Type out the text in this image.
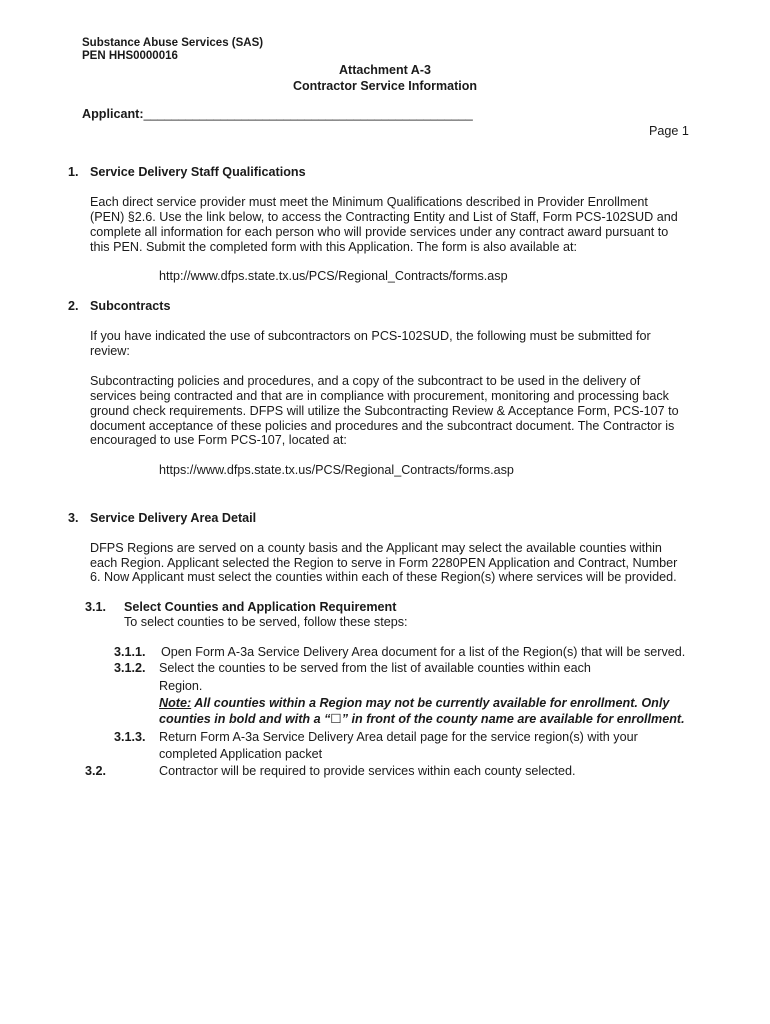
Substance Abuse Services (SAS)
PEN HHS0000016
Attachment A-3
Contractor Service Information
Applicant:_______________________________________________
Page 1
1. Service Delivery Staff Qualifications
Each direct service provider must meet the Minimum Qualifications described in Provider Enrollment
(PEN) §2.6. Use the link below, to access the Contracting Entity and List of Staff, Form PCS-102SUD and
complete all information for each person who will provide services under any contract award pursuant to
this PEN. Submit the completed form with this Application. The form is also available at:
http://www.dfps.state.tx.us/PCS/Regional_Contracts/forms.asp
2. Subcontracts
If you have indicated the use of subcontractors on PCS-102SUD, the following must be submitted for
review:
Subcontracting policies and procedures, and a copy of the subcontract to be used in the delivery of
services being contracted and that are in compliance with procurement, monitoring and processing back
ground check requirements. DFPS will utilize the Subcontracting Review & Acceptance Form, PCS-107 to
document acceptance of these policies and procedures and the subcontract document. The Contractor is
encouraged to use Form PCS-107, located at:
https://www.dfps.state.tx.us/PCS/Regional_Contracts/forms.asp
3. Service Delivery Area Detail
DFPS Regions are served on a county basis and the Applicant may select the available counties within
each Region. Applicant selected the Region to serve in Form 2280PEN Application and Contract, Number
6. Now Applicant must select the counties within each of these Region(s) where services will be provided.
3.1. Select Counties and Application Requirement
To select counties to be served, follow these steps:
3.1.1. Open Form A-3a Service Delivery Area document for a list of the Region(s) that will be served.
3.1.2. Select the counties to be served from the list of available counties within each
Region.
Note: All counties within a Region may not be currently available for enrollment. Only
counties in bold and with a “☐” in front of the county name are available for enrollment.
3.1.3. Return Form A-3a Service Delivery Area detail page for the service region(s) with your
completed Application packet
3.2.	Contractor will be required to provide services within each county selected.
